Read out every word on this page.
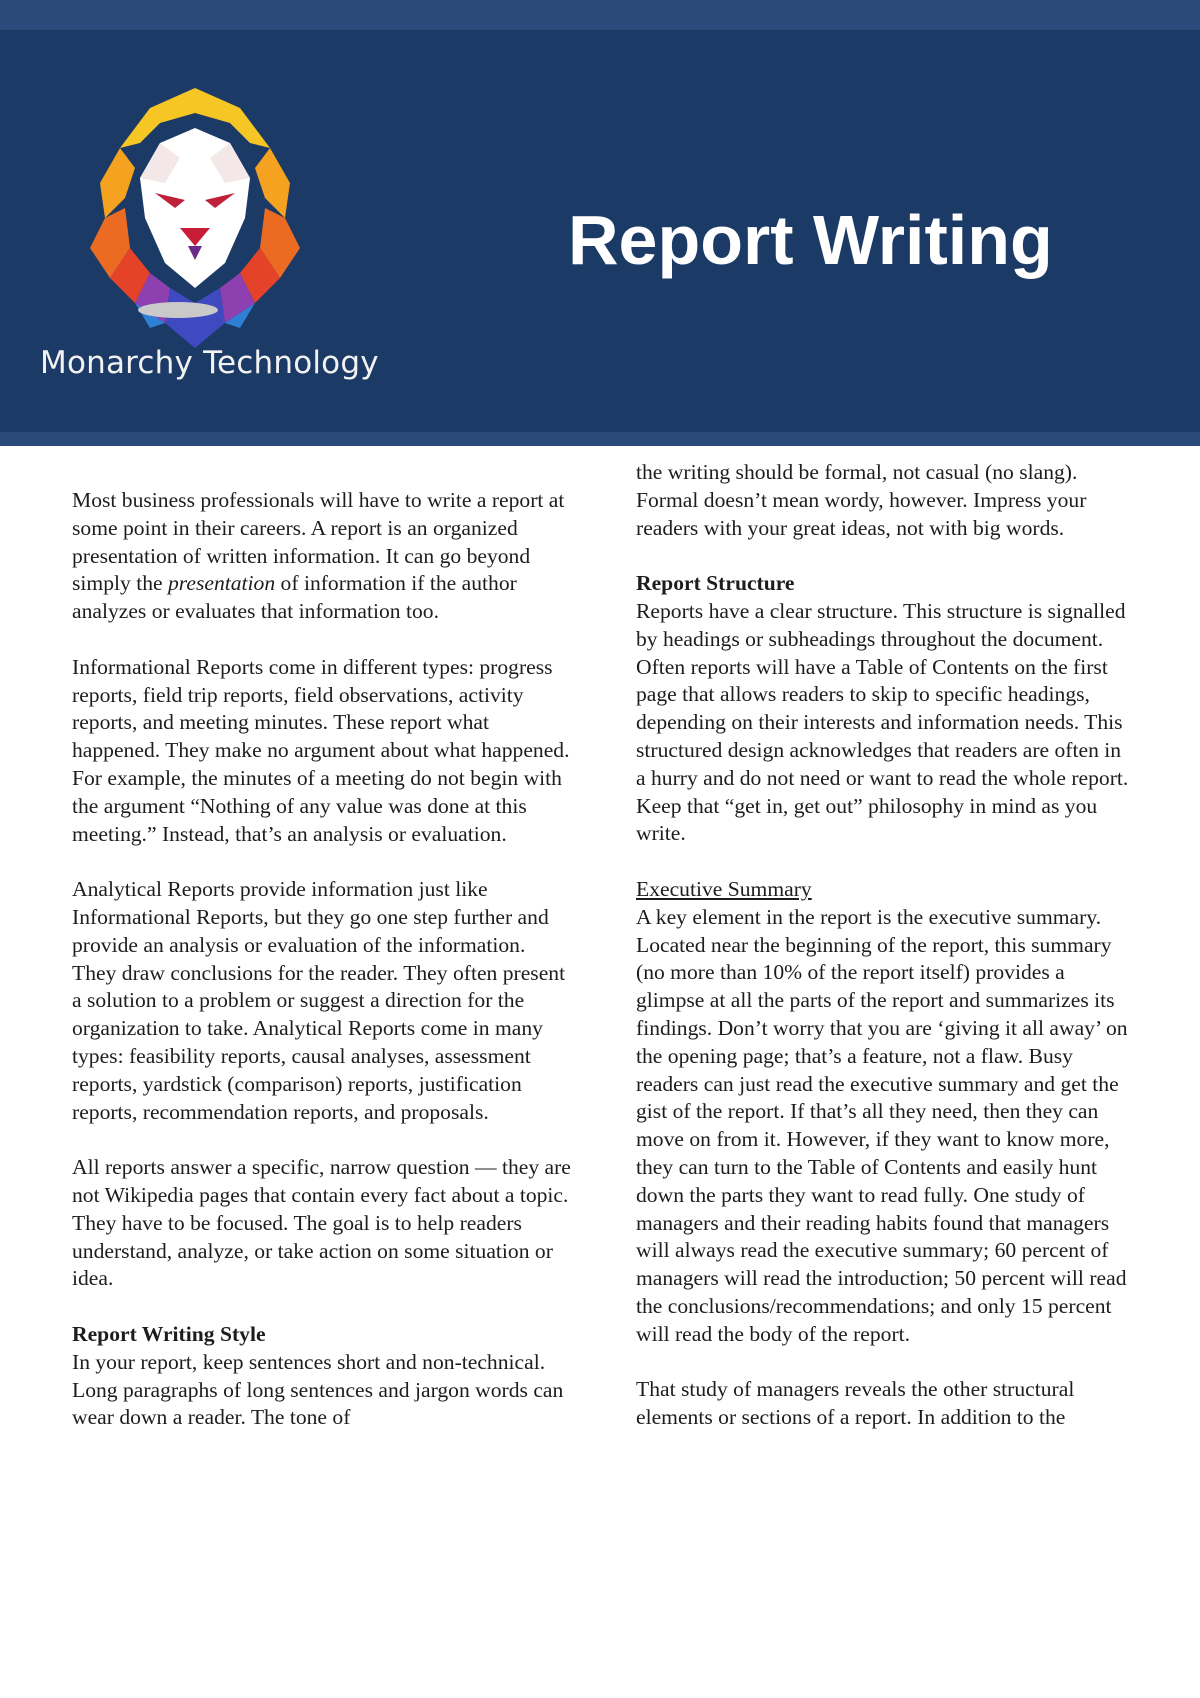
Monarchy Technology
Report Writing

Most business professionals will have to write a report at some point in their careers. A report is an organized presentation of written information. It can go beyond simply the presentation of information if the author analyzes or evaluates that information too.

Informational Reports come in different types: progress reports, field trip reports, field observations, activity reports, and meeting minutes. These report what happened. They make no argument about what happened. For example, the minutes of a meeting do not begin with the argument “Nothing of any value was done at this meeting.” Instead, that’s an analysis or evaluation.

Analytical Reports provide information just like Informational Reports, but they go one step further and provide an analysis or evaluation of the information. They draw conclusions for the reader. They often present a solution to a problem or suggest a direction for the organization to take. Analytical Reports come in many types: feasibility reports, causal analyses, assessment reports, yardstick (comparison) reports, justification reports, recommendation reports, and proposals.

All reports answer a specific, narrow question — they are not Wikipedia pages that contain every fact about a topic. They have to be focused. The goal is to help readers understand, analyze, or take action on some situation or idea.

Report Writing Style

In your report, keep sentences short and non-technical. Long paragraphs of long sentences and jargon words can wear down a reader. The tone of

the writing should be formal, not casual (no slang). Formal doesn’t mean wordy, however. Impress your readers with your great ideas, not with big words.

Report Structure

Reports have a clear structure. This structure is signalled by headings or subheadings throughout the document. Often reports will have a Table of Contents on the first page that allows readers to skip to specific headings, depending on their interests and information needs. This structured design acknowledges that readers are often in a hurry and do not need or want to read the whole report. Keep that “get in, get out” philosophy in mind as you write.

Executive Summary

A key element in the report is the executive summary. Located near the beginning of the report, this summary (no more than 10% of the report itself) provides a glimpse at all the parts of the report and summarizes its findings. Don’t worry that you are ‘giving it all away’ on the opening page; that’s a feature, not a flaw. Busy readers can just read the executive summary and get the gist of the report. If that’s all they need, then they can move on from it. However, if they want to know more, they can turn to the Table of Contents and easily hunt down the parts they want to read fully. One study of managers and their reading habits found that managers will always read the executive summary; 60 percent of managers will read the introduction; 50 percent will read the conclusions/recommendations; and only 15 percent will read the body of the report.

That study of managers reveals the other structural elements or sections of a report. In addition to the
